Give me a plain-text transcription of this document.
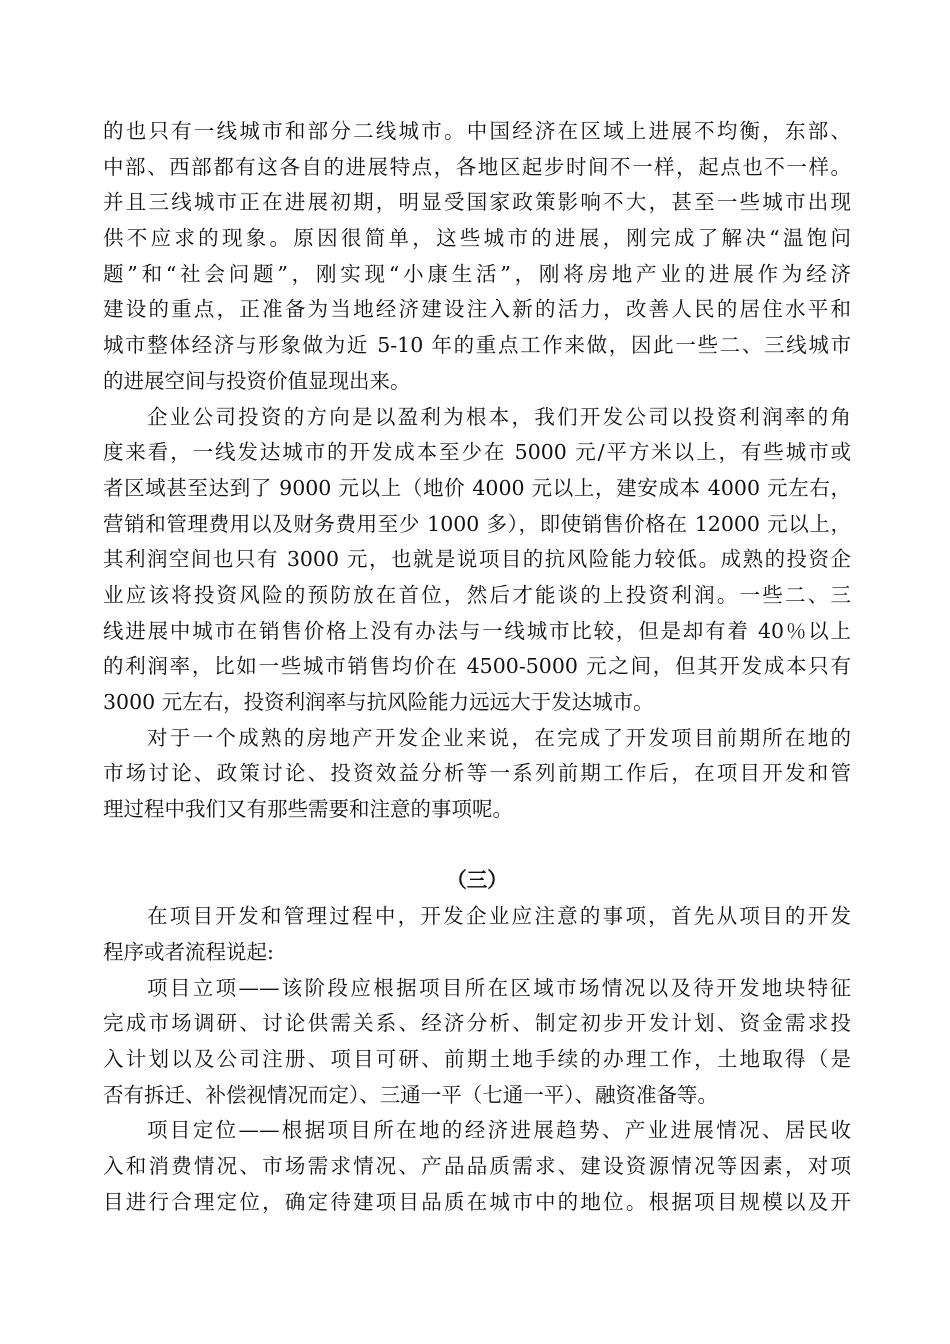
的也只有一线城市和部分二线城市。中国经济在区域上进展不均衡，东部、
中部、西部都有这各自的进展特点，各地区起步时间不一样，起点也不一样。
并且三线城市正在进展初期，明显受国家政策影响不大，甚至一些城市出现
供不应求的现象。原因很简单，这些城市的进展，刚完成了解决“温饱问
题”和“社会问题”，刚实现“小康生活”，刚将房地产业的进展作为经济
建设的重点，正准备为当地经济建设注入新的活力，改善人民的居住水平和
城市整体经济与形象做为近 5-10 年的重点工作来做，因此一些二、三线城市
的进展空间与投资价值显现出来。
企业公司投资的方向是以盈利为根本，我们开发公司以投资利润率的角
度来看，一线发达城市的开发成本至少在 5000 元/平方米以上，有些城市或
者区域甚至达到了 9000 元以上（地价 4000 元以上，建安成本 4000 元左右，
营销和管理费用以及财务费用至少 1000 多），即使销售价格在 12000 元以上，
其利润空间也只有 3000 元，也就是说项目的抗风险能力较低。成熟的投资企
业应该将投资风险的预防放在首位，然后才能谈的上投资利润。一些二、三
线进展中城市在销售价格上没有办法与一线城市比较，但是却有着 40％以上
的利润率，比如一些城市销售均价在 4500-5000 元之间，但其开发成本只有
3000 元左右，投资利润率与抗风险能力远远大于发达城市。
对于一个成熟的房地产开发企业来说，在完成了开发项目前期所在地的
市场讨论、政策讨论、投资效益分析等一系列前期工作后，在项目开发和管
理过程中我们又有那些需要和注意的事项呢。
（三）
在项目开发和管理过程中，开发企业应注意的事项，首先从项目的开发
程序或者流程说起:
项目立项——该阶段应根据项目所在区域市场情况以及待开发地块特征
完成市场调研、讨论供需关系、经济分析、制定初步开发计划、资金需求投
入计划以及公司注册、项目可研、前期土地手续的办理工作，土地取得（是
否有拆迁、补偿视情况而定）、三通一平（七通一平）、融资准备等。
项目定位——根据项目所在地的经济进展趋势、产业进展情况、居民收
入和消费情况、市场需求情况、产品品质需求、建设资源情况等因素，对项
目进行合理定位，确定待建项目品质在城市中的地位。根据项目规模以及开
